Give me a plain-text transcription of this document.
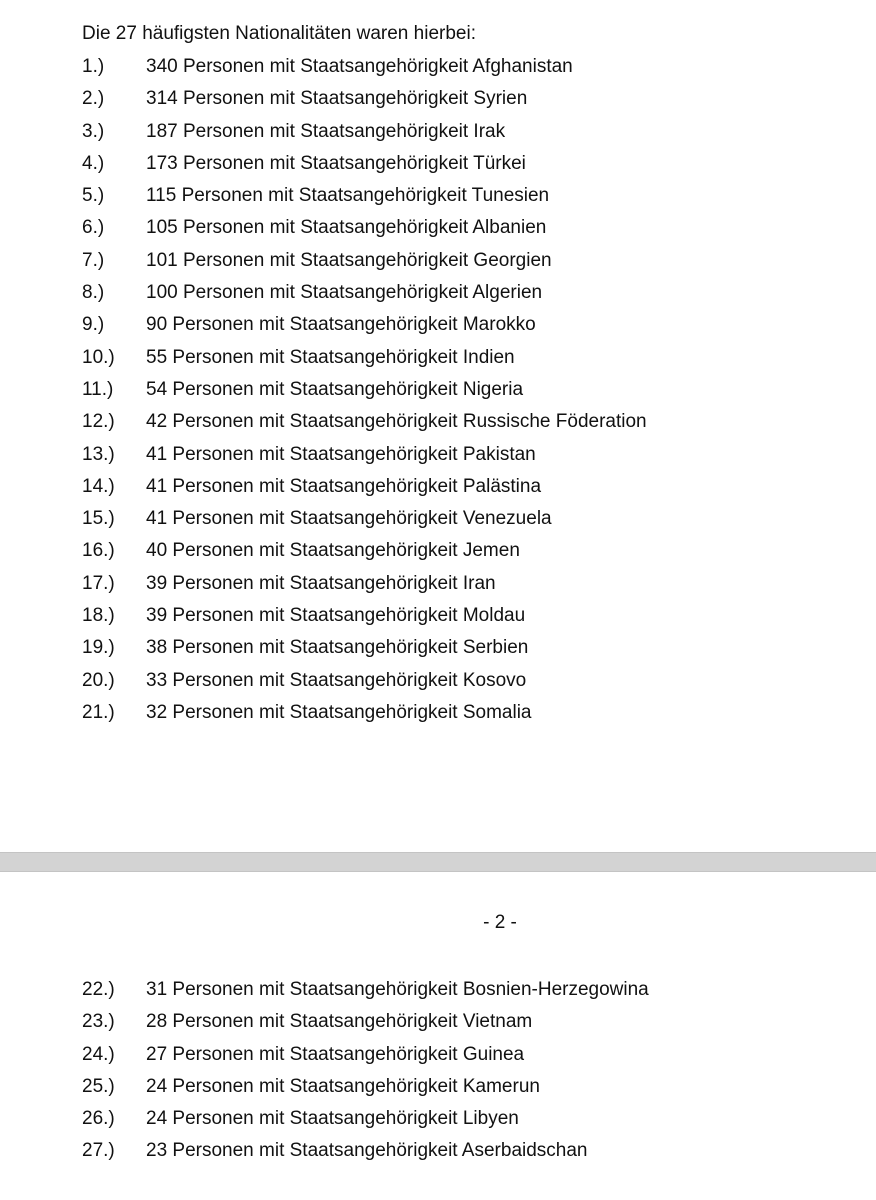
Die 27 häufigsten Nationalitäten waren hierbei:
1.)	340 Personen mit Staatsangehörigkeit Afghanistan
2.)	314 Personen mit Staatsangehörigkeit Syrien
3.)	187 Personen mit Staatsangehörigkeit Irak
4.)	173 Personen mit Staatsangehörigkeit Türkei
5.)	115 Personen mit Staatsangehörigkeit Tunesien
6.)	105 Personen mit Staatsangehörigkeit Albanien
7.)	101 Personen mit Staatsangehörigkeit Georgien
8.)	100 Personen mit Staatsangehörigkeit Algerien
9.)	90 Personen mit Staatsangehörigkeit Marokko
10.)	55 Personen mit Staatsangehörigkeit Indien
11.)	54 Personen mit Staatsangehörigkeit Nigeria
12.)	42 Personen mit Staatsangehörigkeit Russische Föderation
13.)	41 Personen mit Staatsangehörigkeit Pakistan
14.)	41 Personen mit Staatsangehörigkeit Palästina
15.)	41 Personen mit Staatsangehörigkeit Venezuela
16.)	40 Personen mit Staatsangehörigkeit Jemen
17.)	39 Personen mit Staatsangehörigkeit Iran
18.)	39 Personen mit Staatsangehörigkeit Moldau
19.)	38 Personen mit Staatsangehörigkeit Serbien
20.)	33 Personen mit Staatsangehörigkeit Kosovo
21.)	32 Personen mit Staatsangehörigkeit Somalia
- 2 -
22.)	31 Personen mit Staatsangehörigkeit Bosnien-Herzegowina
23.)	28 Personen mit Staatsangehörigkeit Vietnam
24.)	27 Personen mit Staatsangehörigkeit Guinea
25.)	24 Personen mit Staatsangehörigkeit Kamerun
26.)	24 Personen mit Staatsangehörigkeit Libyen
27.)	23 Personen mit Staatsangehörigkeit Aserbaidschan
